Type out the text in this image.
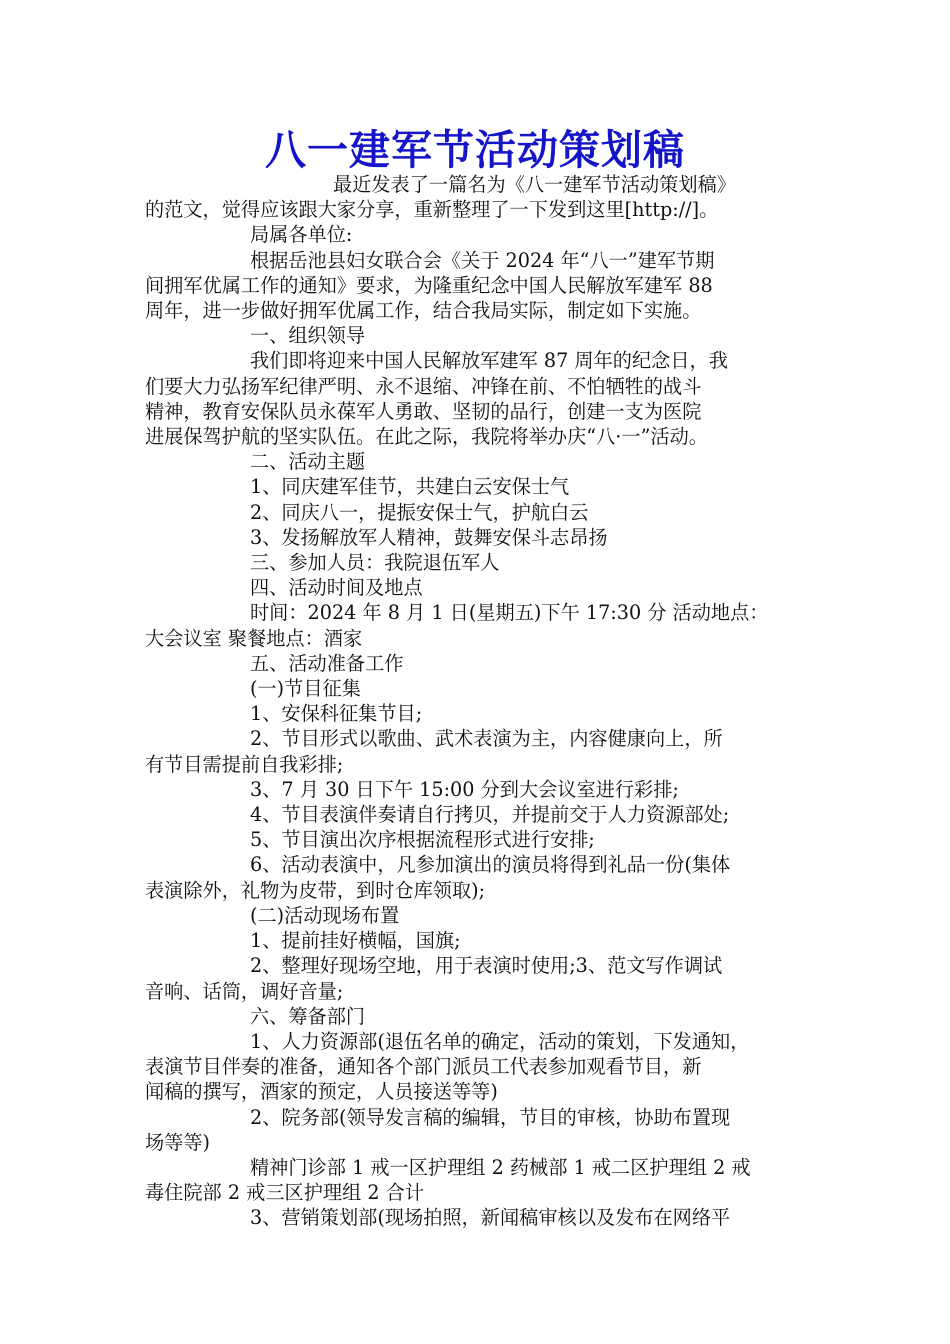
八一建军节活动策划稿

最近发表了一篇名为《八一建军节活动策划稿》

的范文，觉得应该跟大家分享，重新整理了一下发到这里[http://]。

局属各单位:

根据岳池县妇女联合会《关于 2024 年“八一”建军节期

间拥军优属工作的通知》要求，为隆重纪念中国人民解放军建军 88

周年，进一步做好拥军优属工作，结合我局实际，制定如下实施。

一、组织领导

我们即将迎来中国人民解放军建军 87 周年的纪念日，我

们要大力弘扬军纪律严明、永不退缩、冲锋在前、不怕牺牲的战斗

精神，教育安保队员永葆军人勇敢、坚韧的品行，创建一支为医院

进展保驾护航的坚实队伍。在此之际，我院将举办庆“八·一”活动。

二、活动主题

1、同庆建军佳节，共建白云安保士气

2、同庆八一，提振安保士气，护航白云

3、发扬解放军人精神，鼓舞安保斗志昂扬

三、参加人员：我院退伍军人

四、活动时间及地点

时间：2024 年 8 月 1 日(星期五)下午 17:30 分 活动地点：

大会议室 聚餐地点：酒家

五、活动准备工作

(一)节目征集

1、安保科征集节目;

2、节目形式以歌曲、武术表演为主，内容健康向上，所

有节目需提前自我彩排;

3、7 月 30 日下午 15:00 分到大会议室进行彩排;

4、节目表演伴奏请自行拷贝，并提前交于人力资源部处;

5、节目演出次序根据流程形式进行安排;

6、活动表演中，凡参加演出的演员将得到礼品一份(集体

表演除外，礼物为皮带，到时仓库领取);

(二)活动现场布置

1、提前挂好横幅，国旗;

2、整理好现场空地，用于表演时使用;3、范文写作调试

音响、话筒，调好音量;

六、筹备部门

1、人力资源部(退伍名单的确定，活动的策划，下发通知，

表演节目伴奏的准备，通知各个部门派员工代表参加观看节目，新

闻稿的撰写，酒家的预定，人员接送等等)

2、院务部(领导发言稿的编辑，节目的审核，协助布置现

场等等)

精神门诊部 1 戒一区护理组 2 药械部 1 戒二区护理组 2 戒

毒住院部 2 戒三区护理组 2 合计

3、营销策划部(现场拍照，新闻稿审核以及发布在网络平
